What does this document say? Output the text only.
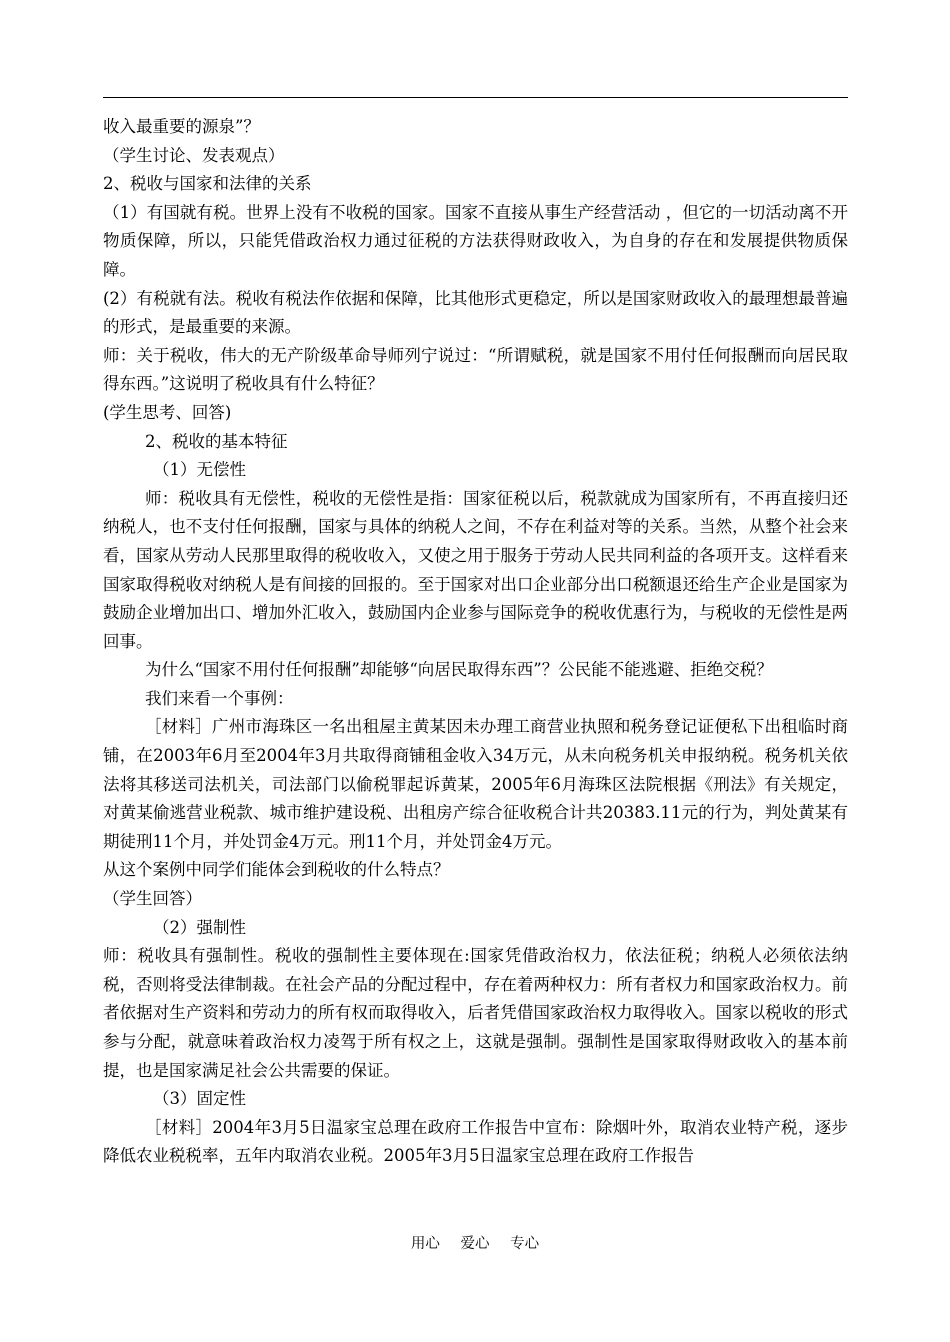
收入最重要的源泉”？

（学生讨论、发表观点）

2、税收与国家和法律的关系

（1）有国就有税。世界上没有不收税的国家。国家不直接从事生产经营活动 ，但它的一切活动离不开物质保障，所以，只能凭借政治权力通过征税的方法获得财政收入，为自身的存在和发展提供物质保障。

(2）有税就有法。税收有税法作依据和保障，比其他形式更稳定，所以是国家财政收入的最理想最普遍的形式，是最重要的来源。

师：关于税收，伟大的无产阶级革命导师列宁说过：“所谓赋税，就是国家不用付任何报酬而向居民取得东西。”这说明了税收具有什么特征？

(学生思考、回答)

2、税收的基本特征

（1）无偿性

师：税收具有无偿性，税收的无偿性是指：国家征税以后，税款就成为国家所有，不再直接归还纳税人，也不支付任何报酬，国家与具体的纳税人之间，不存在利益对等的关系。当然，从整个社会来看，国家从劳动人民那里取得的税收收入，又使之用于服务于劳动人民共同利益的各项开支。这样看来国家取得税收对纳税人是有间接的回报的。至于国家对出口企业部分出口税额退还给生产企业是国家为鼓励企业增加出口、增加外汇收入，鼓励国内企业参与国际竞争的税收优惠行为，与税收的无偿性是两回事。

为什么“国家不用付任何报酬”却能够“向居民取得东西”？公民能不能逃避、拒绝交税？

我们来看一个事例：

［材料］广州市海珠区一名出租屋主黄某因未办理工商营业执照和税务登记证便私下出租临时商铺，在2003年6月至2004年3月共取得商铺租金收入34万元，从未向税务机关申报纳税。税务机关依法将其移送司法机关，司法部门以偷税罪起诉黄某，2005年6月海珠区法院根据《刑法》有关规定，对黄某偷逃营业税款、城市维护建设税、出租房产综合征收税合计共20383.11元的行为，判处黄某有期徒刑11个月，并处罚金4万元。刑11个月，并处罚金4万元。

从这个案例中同学们能体会到税收的什么特点？

（学生回答）

（2）强制性

师：税收具有强制性。税收的强制性主要体现在:国家凭借政治权力，依法征税；纳税人必须依法纳税，否则将受法律制裁。在社会产品的分配过程中，存在着两种权力：所有者权力和国家政治权力。前者依据对生产资料和劳动力的所有权而取得收入，后者凭借国家政治权力取得收入。国家以税收的形式参与分配，就意味着政治权力凌驾于所有权之上，这就是强制。强制性是国家取得财政收入的基本前提，也是国家满足社会公共需要的保证。

（3）固定性

［材料］2004年3月5日温家宝总理在政府工作报告中宣布：除烟叶外，取消农业特产税，逐步降低农业税税率，五年内取消农业税。2005年3月5日温家宝总理在政府工作报告

用心 爱心 专心
